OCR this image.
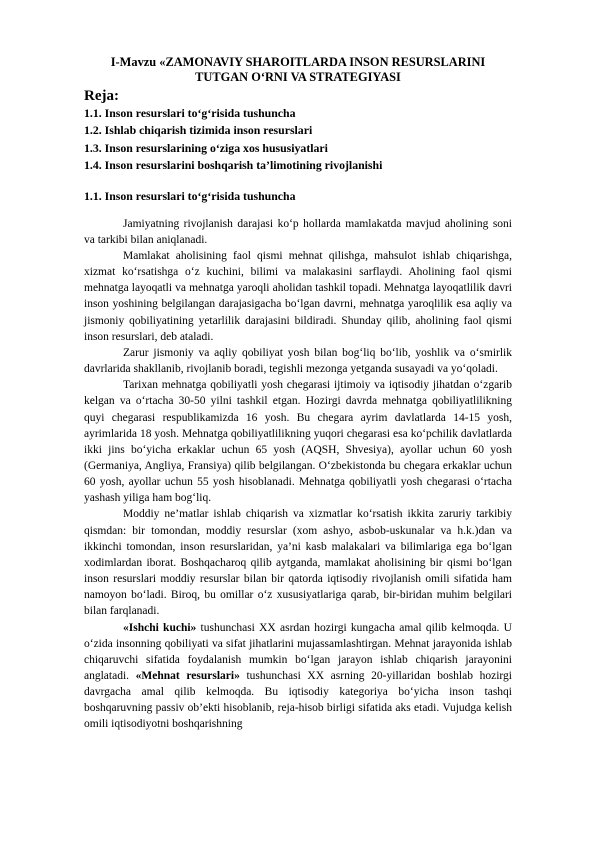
I-Mavzu «ZAMONAVIY SHAROITLARDA INSON RESURSLARINI
TUTGAN O‘RNI VA STRATEGIYASI
Reja:
1.1. Inson resurslari to‘g‘risida tushuncha
1.2. Ishlab chiqarish tizimida inson resurslari
1.3. Inson resurslarining o‘ziga xos hususiyatlari
1.4. Inson resurslarini boshqarish ta’limotining rivojlanishi
1.1. Inson resurslari to‘g‘risida tushuncha

Jamiyatning rivojlanish darajasi ko‘p hollarda mamlakatda mavjud aholining soni va tarkibi bilan aniqlanadi.

Mamlakat aholisining faol qismi mehnat qilishga, mahsulot ishlab chiqarishga, xizmat ko‘rsatishga o‘z kuchini, bilimi va malakasini sarflaydi. Aholining faol qismi mehnatga layoqatli va mehnatga yaroqli aholidan tashkil topadi. Mehnatga layoqatlilik davri inson yoshining belgilangan darajasigacha bo‘lgan davrni, mehnatga yaroqlilik esa aqliy va jismoniy qobiliyatining yetarlilik darajasini bildiradi. Shunday qilib, aholining faol qismi inson resurslari, deb ataladi.

Zarur jismoniy va aqliy qobiliyat yosh bilan bog‘liq bo‘lib, yoshlik va o‘smirlik davrlarida shakllanib, rivojlanib boradi, tegishli mezonga yetganda susayadi va yo‘qoladi.

Tarixan mehnatga qobiliyatli yosh chegarasi ijtimoiy va iqtisodiy jihatdan o‘zgarib kelgan va o‘rtacha 30-50 yilni tashkil etgan. Hozirgi davrda mehnatga qobiliyatlilikning quyi chegarasi respublikamizda 16 yosh. Bu chegara ayrim davlatlarda 14-15 yosh, ayrimlarida 18 yosh. Mehnatga qobiliyatlilikning yuqori chegarasi esa ko‘pchilik davlatlarda ikki jins bo‘yicha erkaklar uchun 65 yosh (AQSH, Shvesiya), ayollar uchun 60 yosh (Germaniya, Angliya, Fransiya) qilib belgilangan. O‘zbekistonda bu chegara erkaklar uchun 60 yosh, ayollar uchun 55 yosh hisoblanadi. Mehnatga qobiliyatli yosh chegarasi o‘rtacha yashash yiliga ham bog‘liq.

Moddiy ne’matlar ishlab chiqarish va xizmatlar ko‘rsatish ikkita zaruriy tarkibiy qismdan: bir tomondan, moddiy resurslar (xom ashyo, asbob-uskunalar va h.k.)dan va ikkinchi tomondan, inson resurslaridan, ya’ni kasb malakalari va bilimlariga ega bo‘lgan xodimlardan iborat. Boshqacharoq qilib aytganda, mamlakat aholisining bir qismi bo‘lgan inson resurslari moddiy resurslar bilan bir qatorda iqtisodiy rivojlanish omili sifatida ham namoyon bo‘ladi. Biroq, bu omillar o‘z xususiyatlariga qarab, bir-biridan muhim belgilari bilan farqlanadi.

«Ishchi kuchi» tushunchasi XX asrdan hozirgi kungacha amal qilib kelmoqda. U o‘zida insonning qobiliyati va sifat jihatlarini mujassamlashtirgan. Mehnat jarayonida ishlab chiqaruvchi sifatida foydalanish mumkin bo‘lgan jarayon ishlab chiqarish jarayonini anglatadi. «Mehnat resurslari» tushunchasi XX asrning 20-yillaridan boshlab hozirgi davrgacha amal qilib kelmoqda. Bu iqtisodiy kategoriya bo‘yicha inson tashqi boshqaruvning passiv ob’ekti hisoblanib, reja-hisob birligi sifatida aks etadi. Vujudga kelish omili iqtisodiyotni boshqarishning
